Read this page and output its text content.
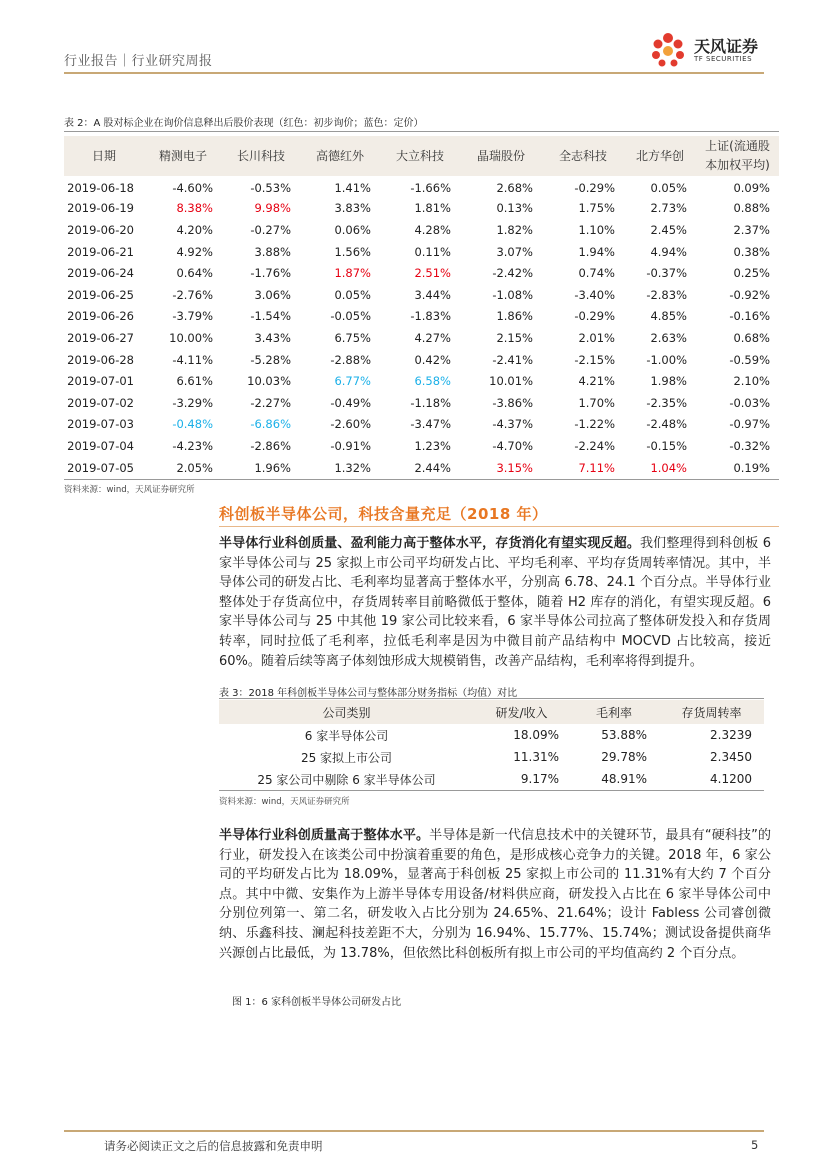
行业报告｜行业研究周报
天风证券
TF SECURITIES
表 2：A 股对标企业在询价信息释出后股价表现（红色：初步询价；蓝色：定价）
日期	精测电子	长川科技	高德红外	大立科技	晶瑞股份	全志科技	北方华创	上证(流通股
本加权平均)
2019-06-18	-4.60%	-0.53%	1.41%	-1.66%	2.68%	-0.29%	0.05%	0.09%
2019-06-19	8.38%	9.98%	3.83%	1.81%	0.13%	1.75%	2.73%	0.88%
2019-06-20	4.20%	-0.27%	0.06%	4.28%	1.82%	1.10%	2.45%	2.37%
2019-06-21	4.92%	3.88%	1.56%	0.11%	3.07%	1.94%	4.94%	0.38%
2019-06-24	0.64%	-1.76%	1.87%	2.51%	-2.42%	0.74%	-0.37%	0.25%
2019-06-25	-2.76%	3.06%	0.05%	3.44%	-1.08%	-3.40%	-2.83%	-0.92%
2019-06-26	-3.79%	-1.54%	-0.05%	-1.83%	1.86%	-0.29%	4.85%	-0.16%
2019-06-27	10.00%	3.43%	6.75%	4.27%	2.15%	2.01%	2.63%	0.68%
2019-06-28	-4.11%	-5.28%	-2.88%	0.42%	-2.41%	-2.15%	-1.00%	-0.59%
2019-07-01	6.61%	10.03%	6.77%	6.58%	10.01%	4.21%	1.98%	2.10%
2019-07-02	-3.29%	-2.27%	-0.49%	-1.18%	-3.86%	1.70%	-2.35%	-0.03%
2019-07-03	-0.48%	-6.86%	-2.60%	-3.47%	-4.37%	-1.22%	-2.48%	-0.97%
2019-07-04	-4.23%	-2.86%	-0.91%	1.23%	-4.70%	-2.24%	-0.15%	-0.32%
2019-07-05	2.05%	1.96%	1.32%	2.44%	3.15%	7.11%	1.04%	0.19%
资料来源：wind，天风证券研究所
科创板半导体公司，科技含量充足（2018 年）
半导体行业科创质量、盈利能力高于整体水平，存货消化有望实现反超。我们整理得到科创板 6 家半导体公司与 25 家拟上市公司平均研发占比、平均毛利率、平均存货周转率情况。其中，半导体公司的研发占比、毛利率均显著高于整体水平，分别高 6.78、24.1 个百分点。半导体行业整体处于存货高位中，存货周转率目前略微低于整体，随着 H2 库存的消化，有望实现反超。6 家半导体公司与 25 中其他 19 家公司比较来看，6 家半导体公司拉高了整体研发投入和存货周转率，同时拉低了毛利率，拉低毛利率是因为中微目前产品结构中 MOCVD 占比较高，接近 60%。随着后续等离子体刻蚀形成大规模销售，改善产品结构，毛利率将得到提升。
表 3：2018 年科创板半导体公司与整体部分财务指标（均值）对比
公司类别	研发/收入	毛利率	存货周转率
6 家半导体公司	18.09%	53.88%	2.3239
25 家拟上市公司	11.31%	29.78%	2.3450
25 家公司中剔除 6 家半导体公司	9.17%	48.91%	4.1200
资料来源：wind，天风证券研究所
半导体行业科创质量高于整体水平。半导体是新一代信息技术中的关键环节，最具有“硬科技”的行业，研发投入在该类公司中扮演着重要的角色，是形成核心竞争力的关键。2018 年，6 家公司的平均研发占比为 18.09%，显著高于科创板 25 家拟上市公司的 11.31%有大约 7 个百分点。其中中微、安集作为上游半导体专用设备/材料供应商，研发投入占比在 6 家半导体公司中分别位列第一、第二名，研发收入占比分别为 24.65%、21.64%；设计 Fabless 公司睿创微纳、乐鑫科技、澜起科技差距不大，分别为 16.94%、15.77%、15.74%；测试设备提供商华兴源创占比最低，为 13.78%，但依然比科创板所有拟上市公司的平均值高约 2 个百分点。
图 1：6 家科创板半导体公司研发占比
请务必阅读正文之后的信息披露和免责申明	5
